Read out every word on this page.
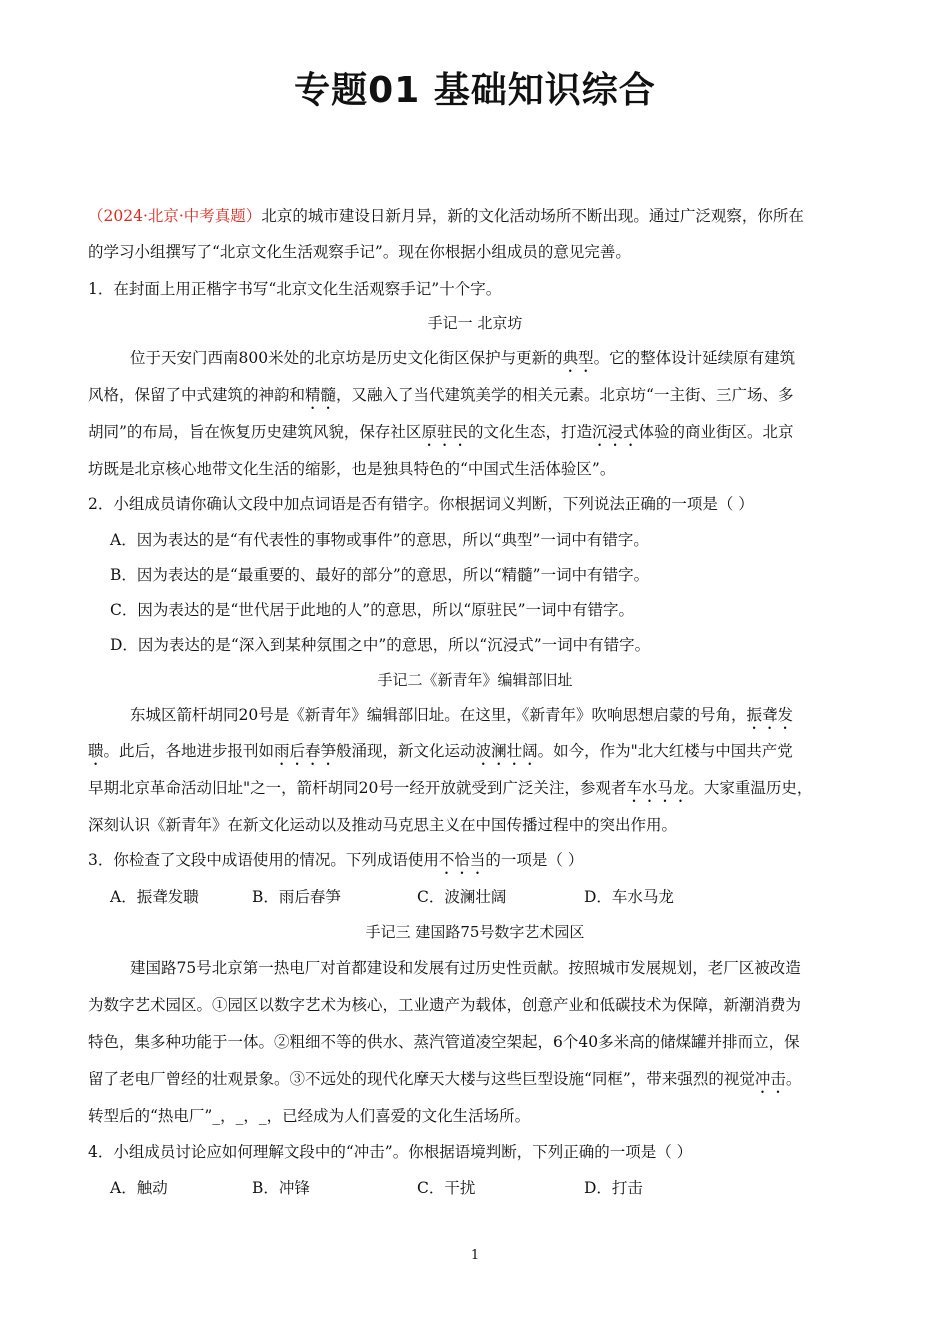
专题01 基础知识综合
（2024·北京·中考真题）北京的城市建设日新月异，新的文化活动场所不断出现。通过广泛观察，你所在
的学习小组撰写了“北京文化生活观察手记”。现在你根据小组成员的意见完善。
1．在封面上用正楷字书写“北京文化生活观察手记”十个字。
手记一 北京坊
位于天安门西南800米处的北京坊是历史文化街区保护与更新的典型。它的整体设计延续原有建筑
风格，保留了中式建筑的神韵和精髓，又融入了当代建筑美学的相关元素。北京坊“一主街、三广场、多
胡同”的布局，旨在恢复历史建筑风貌，保存社区原驻民的文化生态，打造沉浸式体验的商业街区。北京
坊既是北京核心地带文化生活的缩影，也是独具特色的“中国式生活体验区”。
2．小组成员请你确认文段中加点词语是否有错字。你根据词义判断，下列说法正确的一项是（ ）
A．因为表达的是“有代表性的事物或事件”的意思，所以“典型”一词中有错字。
B．因为表达的是“最重要的、最好的部分”的意思，所以“精髓”一词中有错字。
C．因为表达的是“世代居于此地的人”的意思，所以“原驻民”一词中有错字。
D．因为表达的是“深入到某种氛围之中”的意思，所以“沉浸式”一词中有错字。
手记二《新青年》编辑部旧址
东城区箭杆胡同20号是《新青年》编辑部旧址。在这里，《新青年》吹响思想启蒙的号角，振聋发
聩。此后，各地进步报刊如雨后春笋般涌现，新文化运动波澜壮阔。如今，作为"北大红楼与中国共产党
早期北京革命活动旧址"之一，箭杆胡同20号一经开放就受到广泛关注，参观者车水马龙。大家重温历史，
深刻认识《新青年》在新文化运动以及推动马克思主义在中国传播过程中的突出作用。
3．你检查了文段中成语使用的情况。下列成语使用不恰当的一项是（ ）
A．振聋发聩	B．雨后春笋	C．波澜壮阔	D．车水马龙
手记三 建国路75号数字艺术园区
建国路75号北京第一热电厂对首都建设和发展有过历史性贡献。按照城市发展规划，老厂区被改造
为数字艺术园区。①园区以数字艺术为核心，工业遗产为载体，创意产业和低碳技术为保障，新潮消费为
特色，集多种功能于一体。②粗细不等的供水、蒸汽管道凌空架起，6个40多米高的储煤罐并排而立，保
留了老电厂曾经的壮观景象。③不远处的现代化摩天大楼与这些巨型设施“同框”，带来强烈的视觉冲击。
转型后的“热电厂”_，_，_，已经成为人们喜爱的文化生活场所。
4．小组成员讨论应如何理解文段中的“冲击”。你根据语境判断，下列正确的一项是（ ）
A．触动	B．冲锋	C．干扰	D．打击
1
